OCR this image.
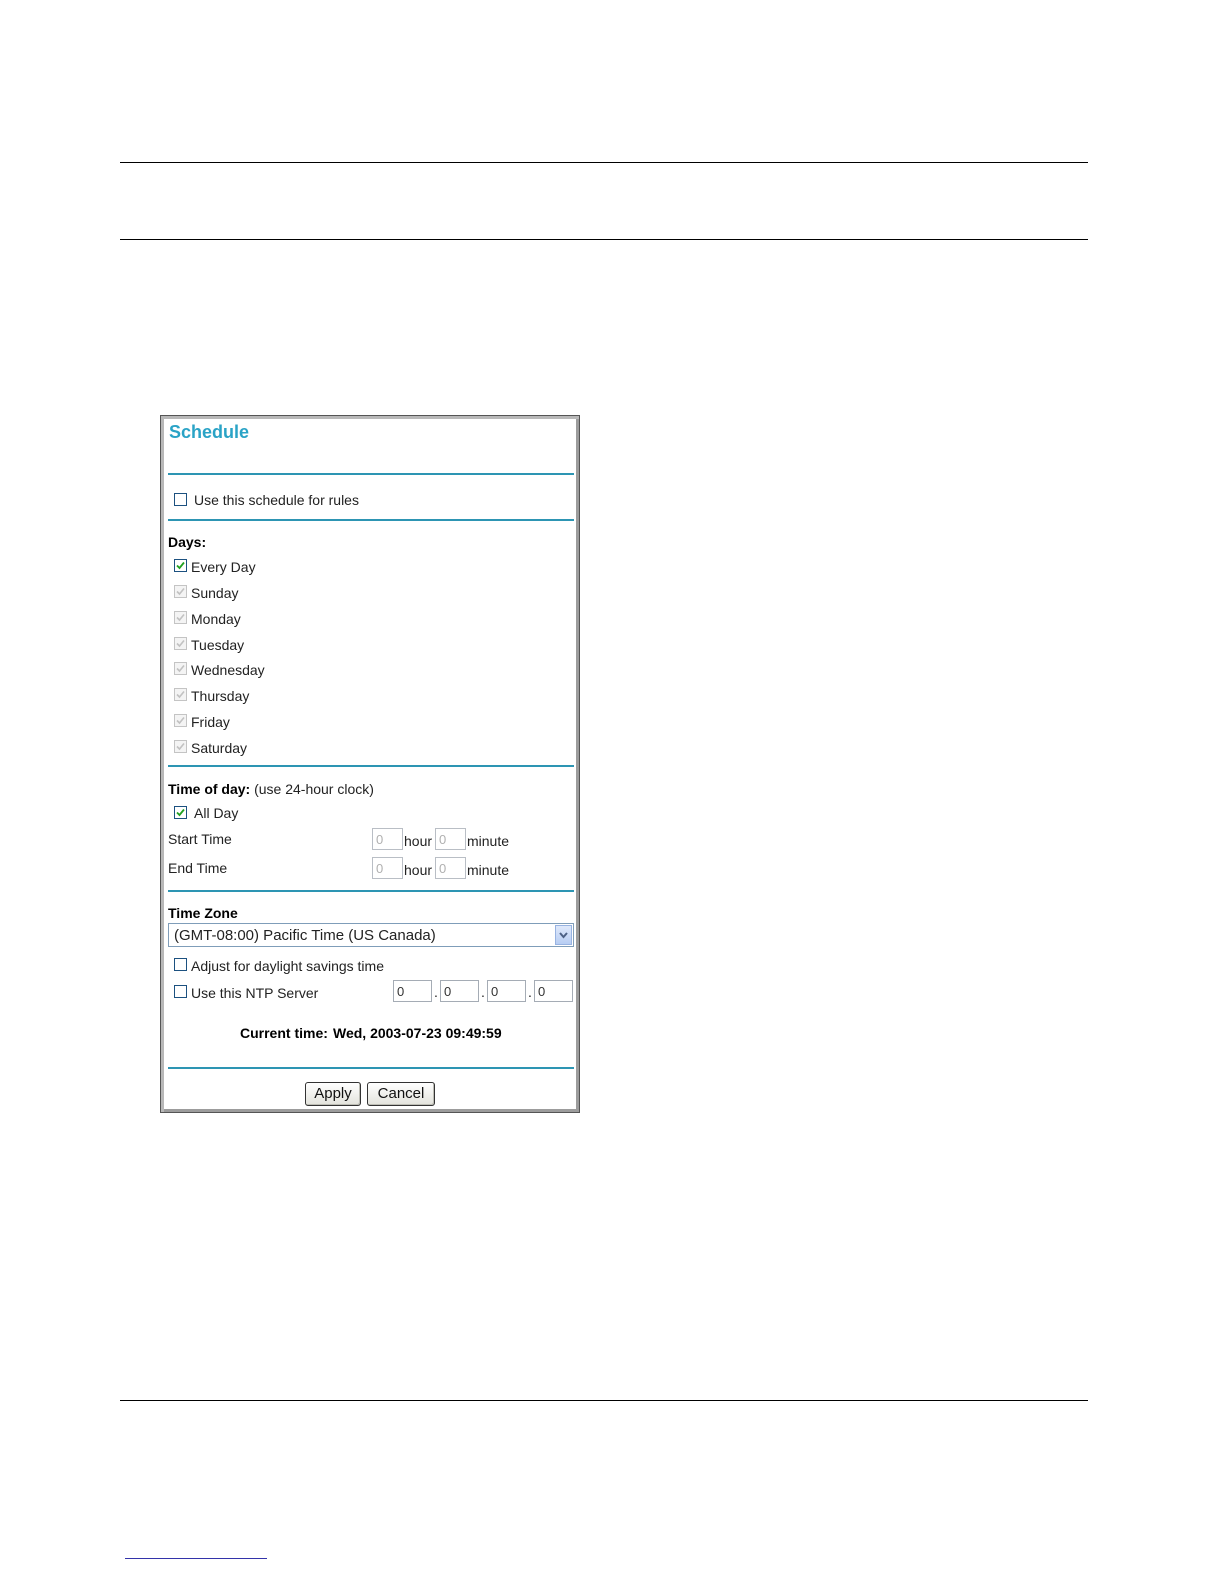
Schedule
Use this schedule for rules
Days:
Every Day
Time of day: (use 24-hour clock)
All Day
Start Time	0	hour 0	minute
End Time	0	hour 0	minute
Time Zone
(GMT-08:00) Pacific Time (US Canada)
Adjust for daylight savings time
Use this NTP Server	0	. 0	. 0	. 0
Current time: Wed, 2003-07-23 09:49:59
Apply	Cancel
Sunday
Monday
Tuesday
Wednesday
Thursday
Friday
Saturday
